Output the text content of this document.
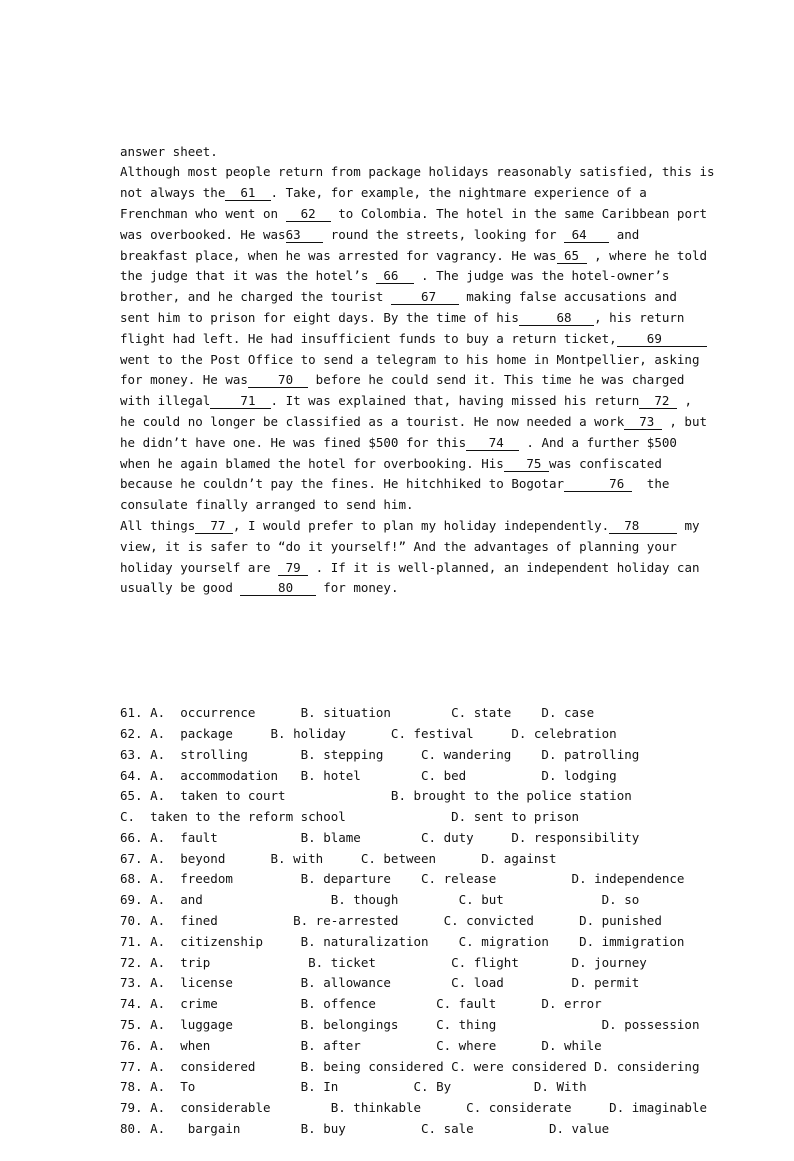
answer sheet.
Although most people return from package holidays reasonably satisfied, this is
not always the  61  . Take, for example, the nightmare experience of a
Frenchman who went on   62   to Colombia. The hotel in the same Caribbean port
was overbooked. He was63    round the streets, looking for  64    and
breakfast place, when he was arrested for vagrancy. He was 65  , where he told
the judge that it was the hotel’s  66   . The judge was the hotel-owner’s
brother, and he charged the tourist     67    making false accusations and
sent him to prison for eight days. By the time of his     68   , his return
flight had left. He had insufficient funds to buy a return ticket,    69
went to the Post Office to send a telegram to his home in Montpellier, asking
for money. He was    70   before he could send it. This time he was charged
with illegal    71  . It was explained that, having missed his return  72  ,
he could no longer be classified as a tourist. He now needed a work  73  , but
he didn’t have one. He was fined $500 for this   74   . And a further $500
when he again blamed the hotel for overbooking. His   75 was confiscated
because he couldn’t pay the fines. He hitchhiked to Bogotar      76   the
consulate finally arranged to send him.
All things  77 , I would prefer to plan my holiday independently.  78      my
view, it is safer to “do it yourself!” And the advantages of planning your
holiday yourself are  79  . If it is well-planned, an independent holiday can
usually be good      80    for money.

61. A.  occurrence      B. situation        C. state    D. case
62. A.  package     B. holiday      C. festival     D. celebration
63. A.  strolling       B. stepping     C. wandering    D. patrolling
64. A.  accommodation   B. hotel        C. bed          D. lodging
65. A.  taken to court              B. brought to the police station
C.  taken to the reform school              D. sent to prison
66. A.  fault           B. blame        C. duty     D. responsibility
67. A.  beyond      B. with     C. between      D. against
68. A.  freedom         B. departure    C. release          D. independence
69. A.  and                 B. though        C. but             D. so
70. A.  fined          B. re-arrested      C. convicted      D. punished
71. A.  citizenship     B. naturalization    C. migration    D. immigration
72. A.  trip             B. ticket          C. flight       D. journey
73. A.  license         B. allowance        C. load         D. permit
74. A.  crime           B. offence        C. fault      D. error
75. A.  luggage         B. belongings     C. thing              D. possession
76. A.  when            B. after          C. where      D. while
77. A.  considered      B. being considered C. were considered D. considering
78. A.  To              B. In          C. By           D. With
79. A.  considerable        B. thinkable      C. considerate     D. imaginable
80. A.   bargain        B. buy          C. sale          D. value
